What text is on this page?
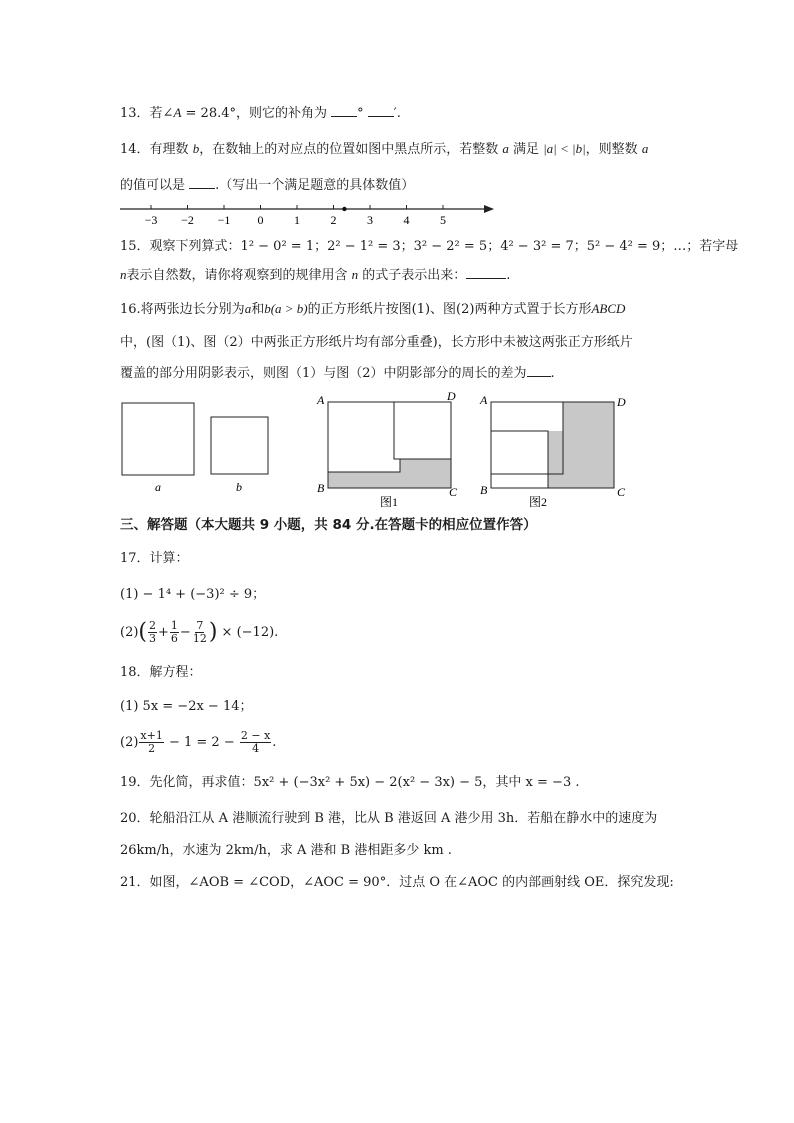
13．若∠A = 28.4°，则它的补角为 ° ′.
14．有理数 b，在数轴上的对应点的位置如图中黑点所示，若整数 a 满足 |a| < |b|，则整数 a
的值可以是 .（写出一个满足题意的具体数值）
−3 −2 −1 0	1	2	3	4	5
15．观察下列算式：1² − 0² = 1；2² − 1² = 3；3² − 2² = 5；4² − 3² = 7；5² − 4² = 9；…；若字母
n表示自然数，请你将观察到的规律用含 n 的式子表示出来：	.
16.将两张边长分别为a和b(a > b)的正方形纸片按图(1)、图(2)两种方式置于长方形ABCD
中，(图（1)、图（2）中两张正方形纸片均有部分重叠)，长方形中未被这两张正方形纸片
覆盖的部分用阴影表示，则图（1）与图（2）中阴影部分的周长的差为 .
a	b
A	D
B	C
图1
A	D
B	C
图2
三、解答题（本大题共 9 小题，共 84 分.在答题卡的相应位置作答）
17．计算：
(1) − 1⁴ + (−3)² ÷ 9；
$(2)( \frac{2}{3} + \frac{1}{6} - \frac{7}{12}$ ) × (−12).
18．解方程：
(1) 5x = −2x − 14；
$(2) \frac{x+1}{2} - 1 = 2 - \frac{2 - x}{4}$ .
19．先化简，再求值：5x² + (−3x² + 5x) − 2(x² − 3x) − 5，其中 x = −3 .
20．轮船沿江从 A 港顺流行驶到 B 港，比从 B 港返回 A 港少用 3h．若船在静水中的速度为
26km/h，水速为 2km/h，求 A 港和 B 港相距多少 km .
21．如图，∠AOB = ∠COD，∠AOC = 90°．过点 O 在∠AOC 的内部画射线 OE．探究发现:
